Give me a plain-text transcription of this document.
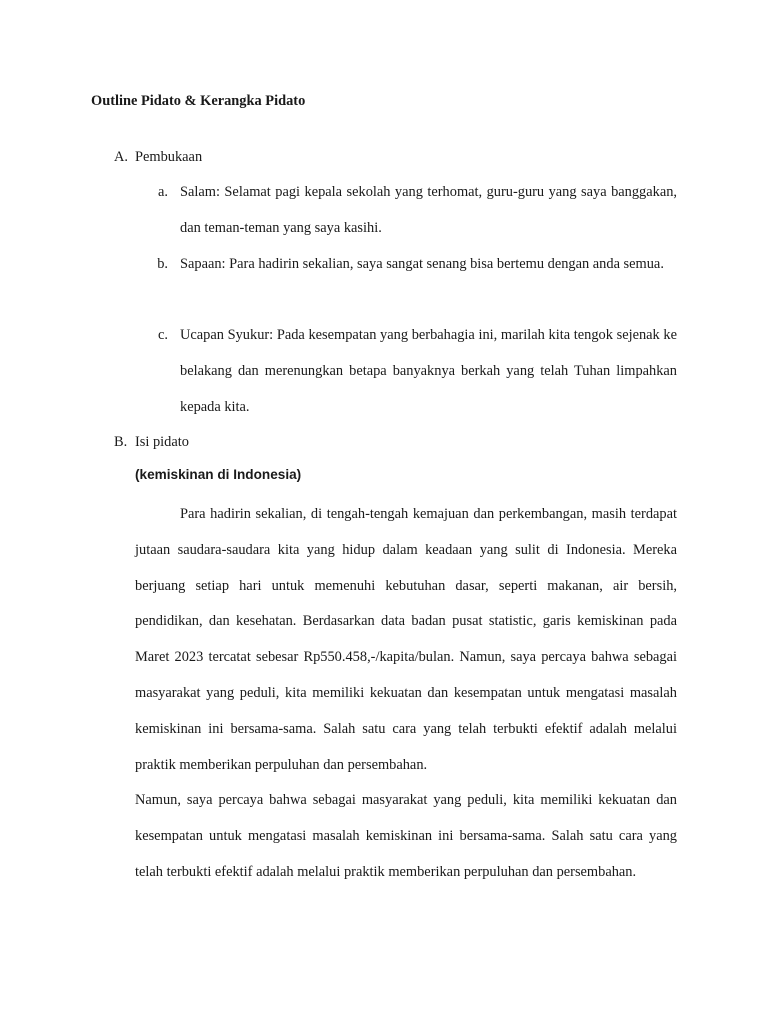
Outline Pidato & Kerangka Pidato
A. Pembukaan
a. Salam: Selamat pagi kepala sekolah yang terhomat, guru-guru yang saya banggakan, dan teman-teman yang saya kasihi.
b. Sapaan: Para hadirin sekalian, saya sangat senang bisa bertemu dengan anda semua.
c. Ucapan Syukur: Pada kesempatan yang berbahagia ini, marilah kita tengok sejenak ke belakang dan merenungkan betapa banyaknya berkah yang telah Tuhan limpahkan kepada kita.
B. Isi pidato
(kemiskinan di Indonesia)
Para hadirin sekalian, di tengah-tengah kemajuan dan perkembangan, masih terdapat jutaan saudara-saudara kita yang hidup dalam keadaan yang sulit di Indonesia. Mereka berjuang setiap hari untuk memenuhi kebutuhan dasar, seperti makanan, air bersih, pendidikan, dan kesehatan. Berdasarkan data badan pusat statistic, garis kemiskinan pada Maret 2023 tercatat sebesar Rp550.458,-/kapita/bulan. Namun, saya percaya bahwa sebagai masyarakat yang peduli, kita memiliki kekuatan dan kesempatan untuk mengatasi masalah kemiskinan ini bersama-sama. Salah satu cara yang telah terbukti efektif adalah melalui praktik memberikan perpuluhan dan persembahan.
Namun, saya percaya bahwa sebagai masyarakat yang peduli, kita memiliki kekuatan dan kesempatan untuk mengatasi masalah kemiskinan ini bersama-sama. Salah satu cara yang telah terbukti efektif adalah melalui praktik memberikan perpuluhan dan persembahan.
